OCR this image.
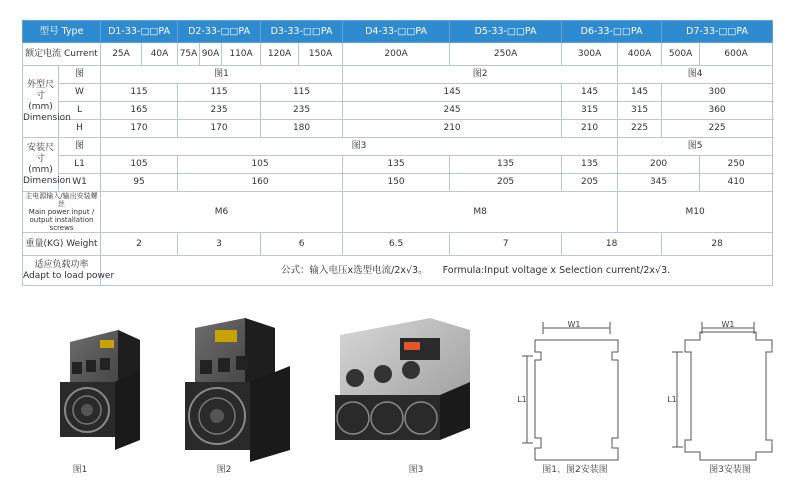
型号 Type		D1-33-□□PA		D2-33-□□PA			D3-33-□□PA		D4-33-□□PA	D5-33-□□PA	D6-33-□□PA		D7-33-□□PA		
额定电流 Current		25A	40A	75A	90A	110A	120A	150A	200A	250A	300A	400A	500A	600A	
外型尺寸
(mm)
Dimension	图	图1							图2			图4			
	W	115		115			115		145		145	145	300	
	L	165		235			235		245		315	315	360	
	H	170		170			180		210		210	225	225	
安装尺寸
(mm)
Dimension	图	图3										图5			
	L1	105		105					135	135	135	200		250	
	W1	95		160					150	205	205	345		410	
主电源输入/输出安装螺丝
Main power input /
output installation screws		M6							M8			M10			
重量(KG) Weight		2		3			6		6.5	7	18		28		
适应负载功率
Adapt to load power		公式：输入电压x选型电流/2x√3。     Formula:Input voltage x Selection current/2x√3.													
W1
L1
W1
L1
图1	图2	图3	图1、图2安装图	图3安装图
